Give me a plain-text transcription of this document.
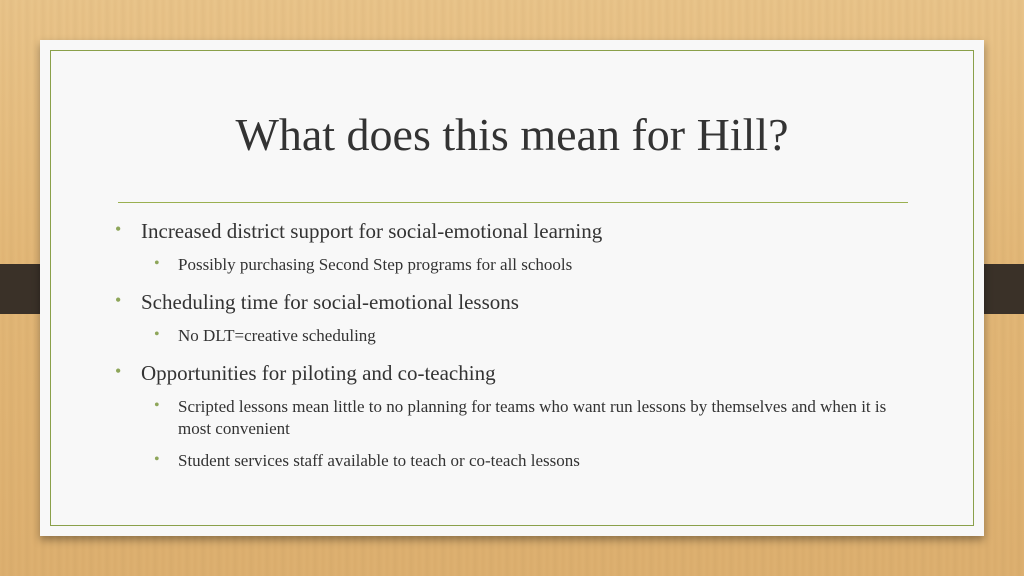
What does this mean for Hill?
• Increased district support for social-emotional learning
• Possibly purchasing Second Step programs for all schools
• Scheduling time for social-emotional lessons
• No DLT=creative scheduling
• Opportunities for piloting and co-teaching
• Scripted lessons mean little to no planning for teams who want run lessons by themselves and when it is most convenient
• Student services staff available to teach or co-teach lessons
